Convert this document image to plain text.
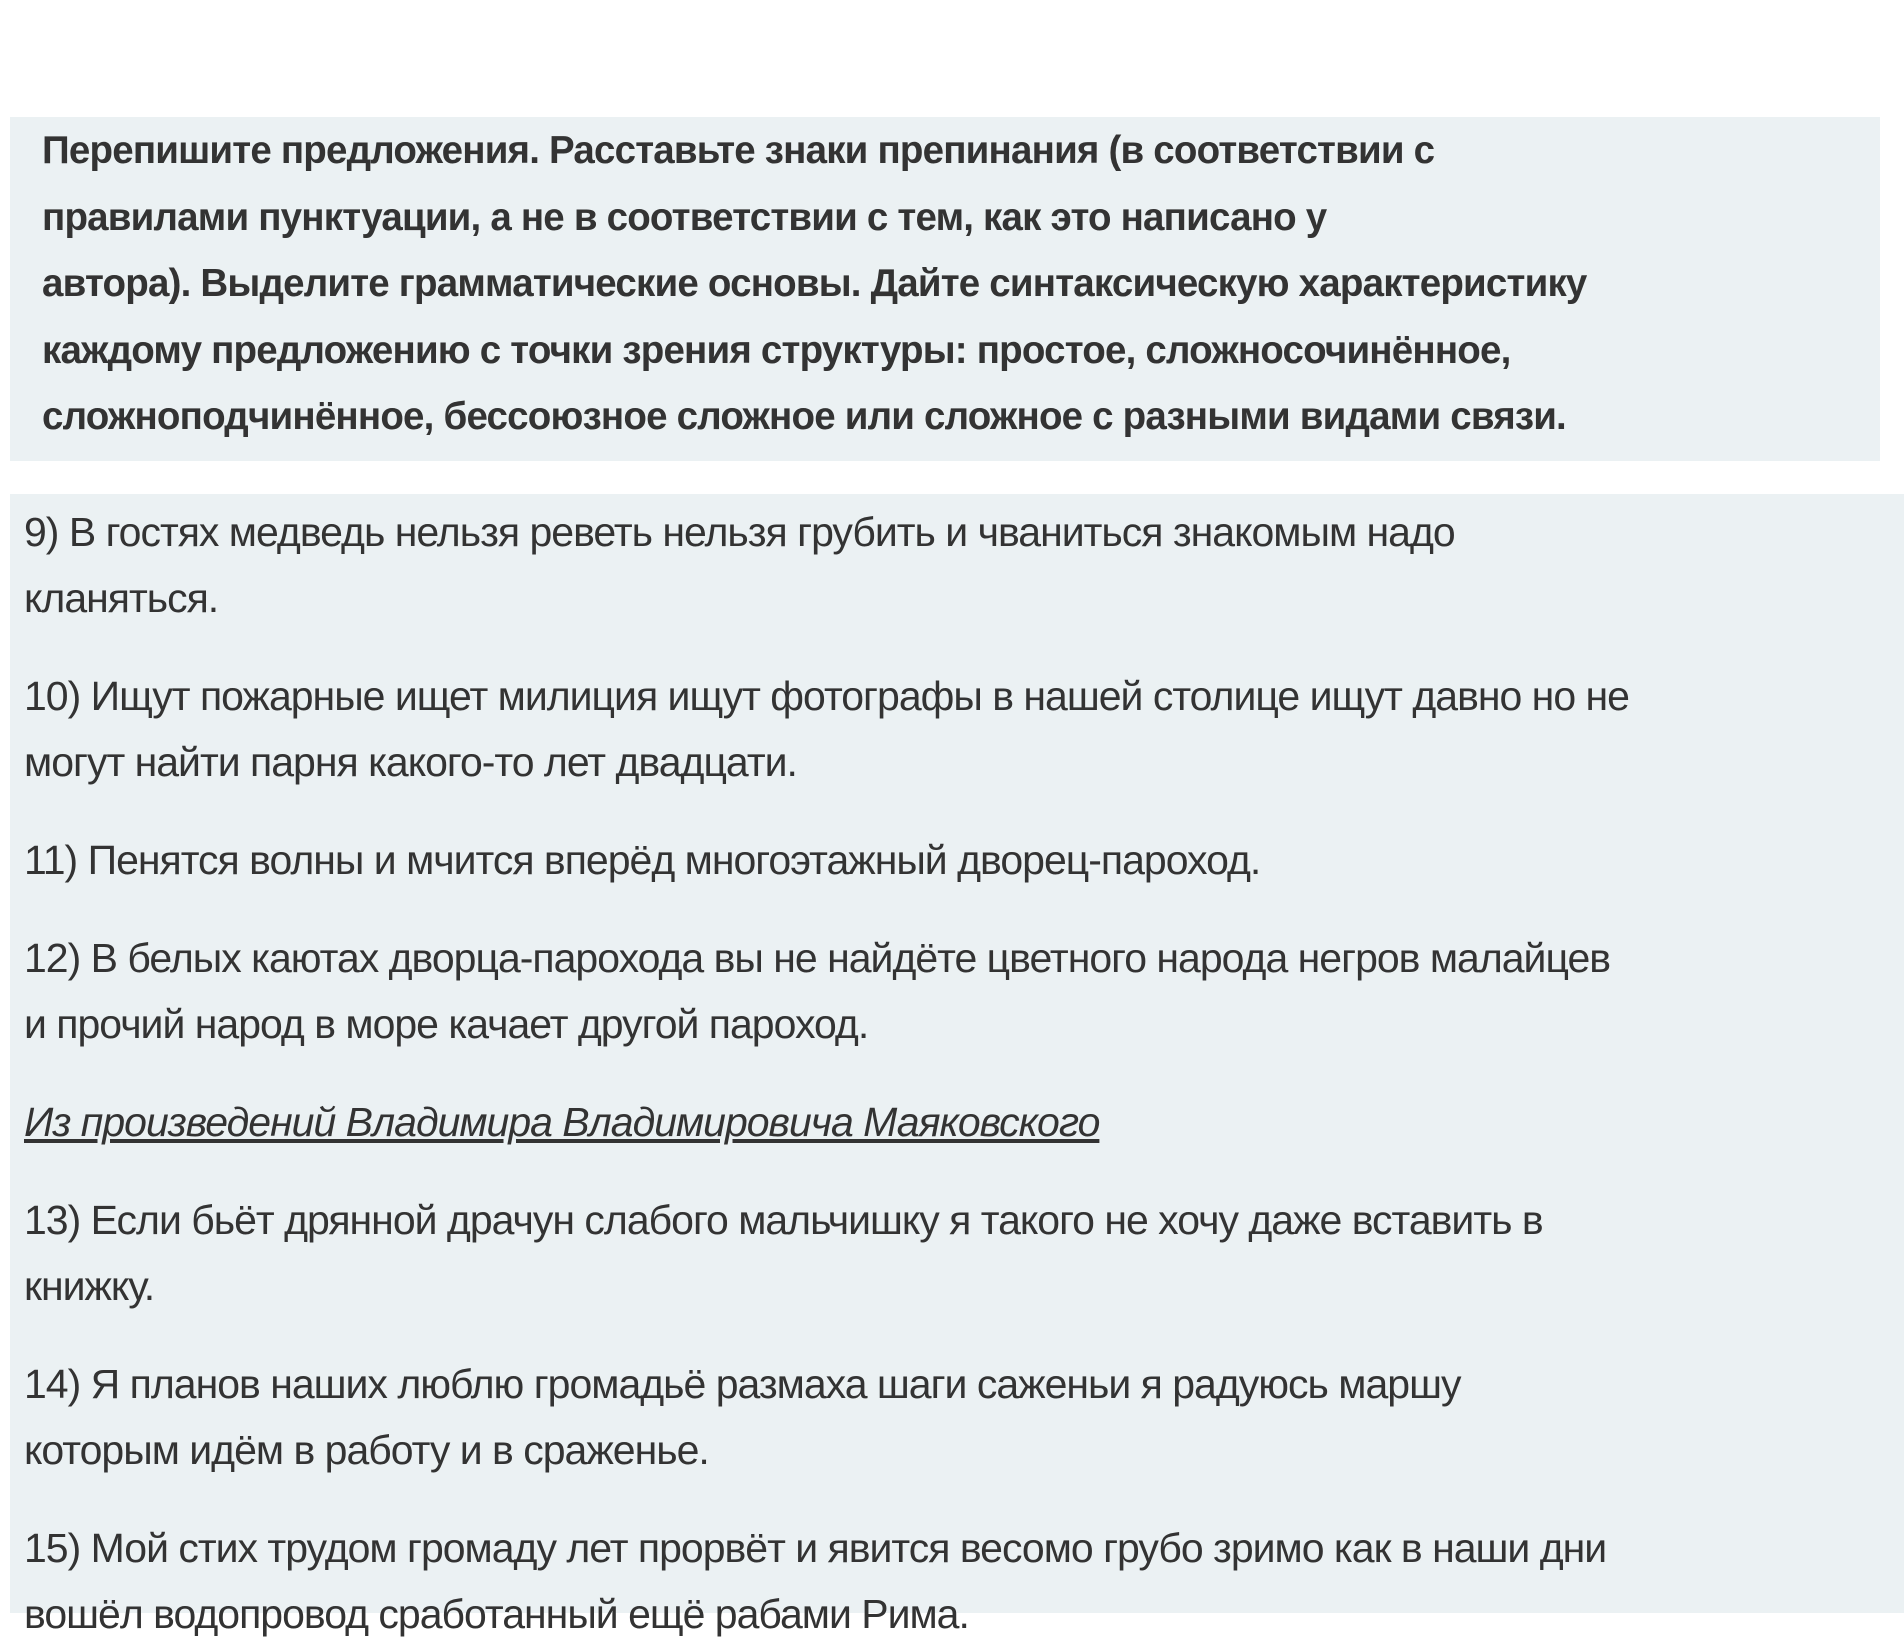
Перепишите предложения. Расставьте знаки препинания (в соответствии с
правилами пунктуации, а не в соответствии с тем, как это написано у
автора). Выделите грамматические основы. Дайте синтаксическую характеристику
каждому предложению с точки зрения структуры: простое, сложносочинённое,
сложноподчинённое, бессоюзное сложное или сложное с разными видами связи.

9) В гостях медведь нельзя реветь нельзя грубить и чваниться знакомым надо
кланяться.
10) Ищут пожарные ищет милиция ищут фотографы в нашей столице ищут давно но не
могут найти парня какого-то лет двадцати.
11) Пенятся волны и мчится вперёд многоэтажный дворец-пароход.
12) В белых каютах дворца-парохода вы не найдёте цветного народа негров малайцев
и прочий народ в море качает другой пароход.
Из произведений Владимира Владимировича Маяковского
13) Если бьёт дрянной драчун слабого мальчишку я такого не хочу даже вставить в
книжку.
14) Я планов наших люблю громадьё размаха шаги саженьи я радуюсь маршу
которым идём в работу и в сраженье.
15) Мой стих трудом громаду лет прорвёт и явится весомо грубо зримо как в наши дни
вошёл водопровод сработанный ещё рабами Рима.
